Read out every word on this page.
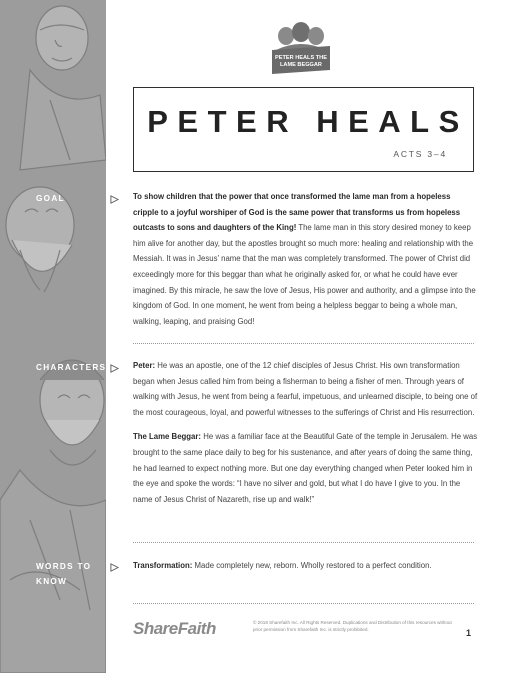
GOAL
CHARACTERS
WORDS TO
KNOW
PETER HEALS THE
LAME BEGGAR
PETER HEALS
ACTS 3–4

To show children that the power that once transformed the lame man from a hopeless cripple to a joyful worshiper of God is the same power that transforms us from hopeless outcasts to sons and daughters of the King! The lame man in this story desired money to keep him alive for another day, but the apostles brought so much more: healing and relationship with the Messiah. It was in Jesus’ name that the man was completely transformed. The power of Christ did exceedingly more for this beggar than what he originally asked for, or what he could have ever imagined. By this miracle, he saw the love of Jesus, His power and authority, and a glimpse into the kingdom of God. In one moment, he went from being a helpless beggar to being a whole man, walking, leaping, and praising God!

Peter: He was an apostle, one of the 12 chief disciples of Jesus Christ. His own transformation began when Jesus called him from being a fisherman to being a fisher of men. Through years of walking with Jesus, he went from being a fearful, impetuous, and unlearned disciple, to being one of the most courageous, loyal, and powerful witnesses to the sufferings of Christ and His resurrection.

The Lame Beggar: He was a familiar face at the Beautiful Gate of the temple in Jerusalem. He was brought to the same place daily to beg for his sustenance, and after years of doing the same thing, he had learned to expect nothing more. But one day everything changed when Peter looked him in the eye and spoke the words: “I have no silver and gold, but what I do have I give to you. In the name of Jesus Christ of Nazareth, rise up and walk!”

Transformation: Made completely new, reborn. Wholly restored to a perfect condition.

ShareFaith	© 2018 Sharefaith Inc. All Rights Reserved. Duplications and Distribution of this resources without prior permission from Sharefaith Inc. is strictly prohibited.	1
